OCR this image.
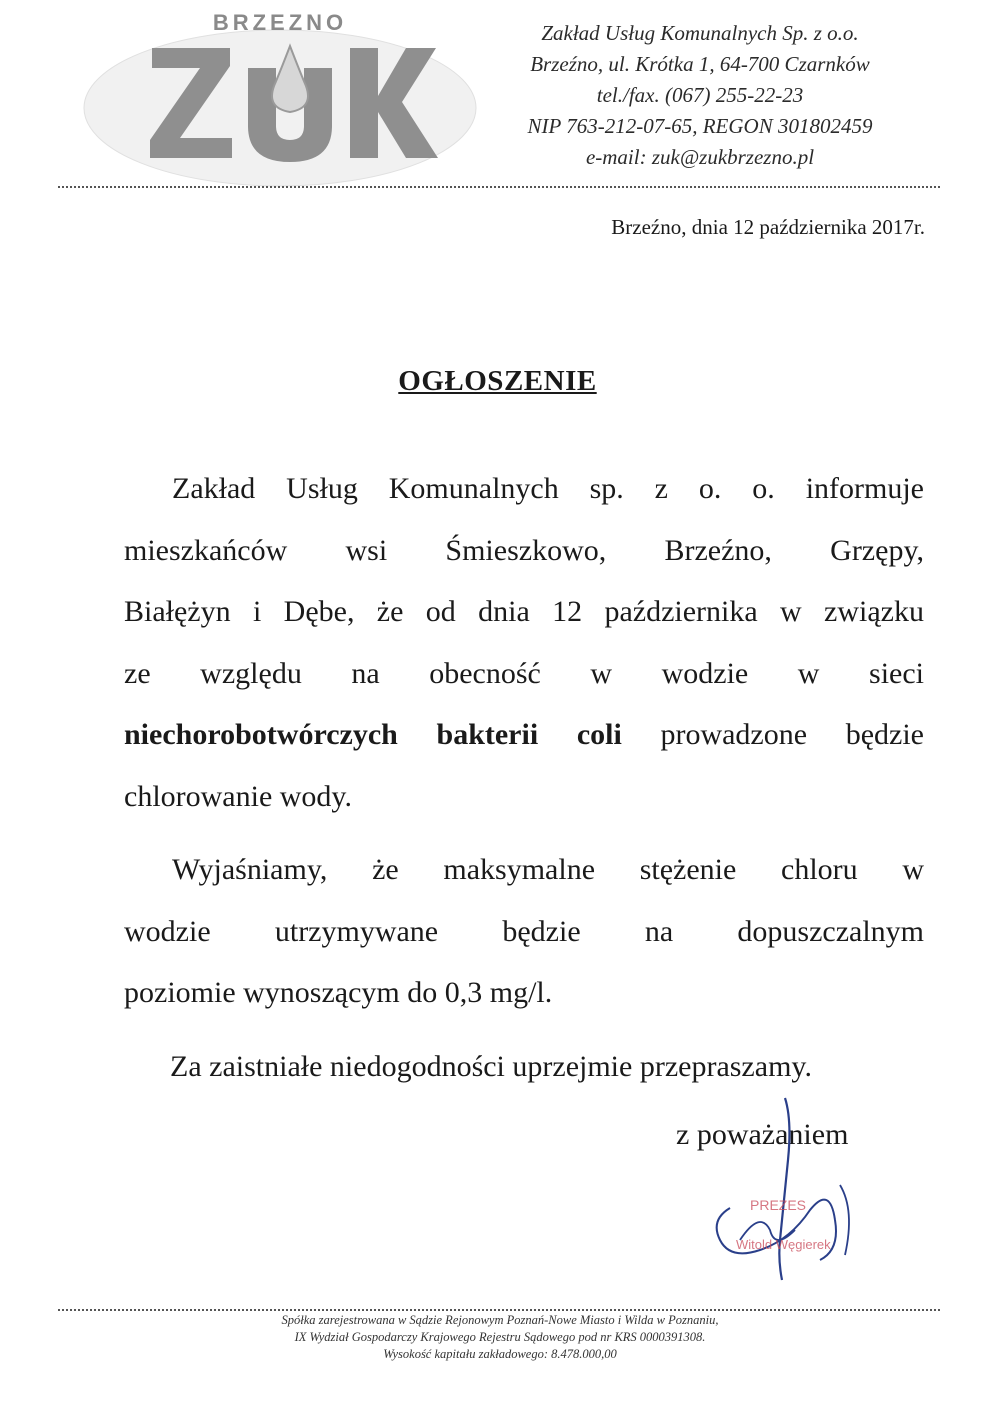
BRZEZNO	Zakład Usług Komunalnych Sp. z o.o.
Brzeźno, ul. Krótka 1, 64-700 Czarnków
tel./fax. (067) 255-22-23
NIP 763-212-07-65, REGON 301802459
e-mail: zuk@zukbrzezno.pl
Brzeźno, dnia 12 października 2017r.
OGŁOSZENIE
Zakład Usług Komunalnych sp. z o. o. informuje
mieszkańców wsi Śmieszkowo, Brzeźno, Grzępy,
Białężyn i Dębe, że od dnia 12 października w związku
ze względu na obecność w wodzie w sieci
niechorobotwórczych bakterii coli prowadzone będzie
chlorowanie wody.
Wyjaśniamy, że maksymalne stężenie chloru w
wodzie utrzymywane będzie na dopuszczalnym
poziomie wynoszącym do 0,3 mg/l.
Za zaistniałe niedogodności uprzejmie przepraszamy.
z poważaniem
PREZES
Witold Węgierek
Spółka zarejestrowana w Sądzie Rejonowym Poznań-Nowe Miasto i Wilda w Poznaniu,
IX Wydział Gospodarczy Krajowego Rejestru Sądowego pod nr KRS 0000391308.
Wysokość kapitału zakładowego: 8.478.000,00
